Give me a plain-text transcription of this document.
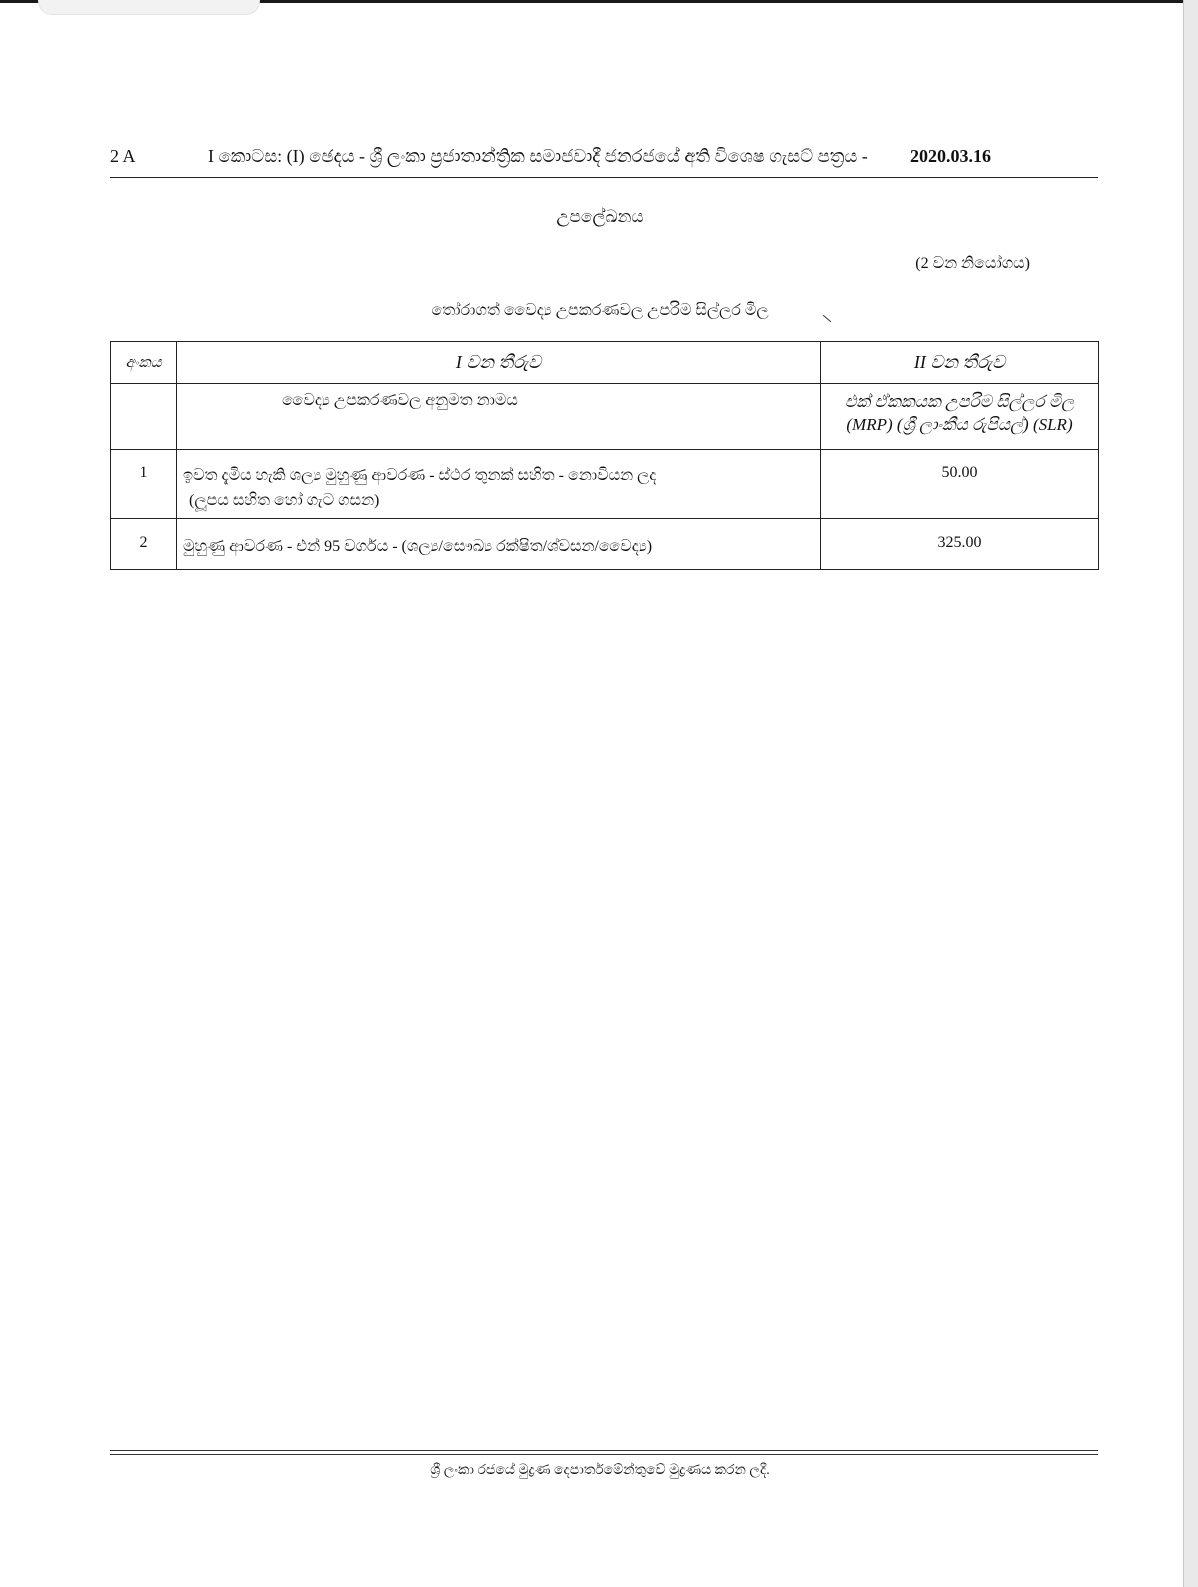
2 A	I කොටස: (I) ඡෙදය - ශ්‍රී ලංකා ප්‍රජාතාන්ත්‍රික සමාජවාදී ජනරජයේ අති විශෙෂ ගැසට් පත්‍රය - 2020.03.16
උපලේඛනය
(2 වන නියෝගය)
තෝරාගත් වෛද්‍ය උපකරණවල උපරිම සිල්ලර මිල
අංකය	I වන තීරුව	II වන තීරුව

	වෛද්‍ය උපකරණවල අනුමත නාමය	එක් ඒකකයක උපරිම සිල්ලර මිල
(MRP) (ශ්‍රී ලාංකීය රුපියල්) (SLR)

1	ඉවත දැමිය හැකි ශල්‍ය මුහුණු ආවරණ - ස්ථර තුනක් සහිත - නොවියන ලද
(ලූපය සහිත හෝ ගැට ගසන)	50.00

2	මුහුණු ආවරණ - එන් 95 වර්ගය - (ශල්‍ය/සෞඛ්‍ය රක්ෂිත/ශ්වසන/වෛද්‍ය)	325.00
ශ්‍රී ලංකා රජයේ මුද්‍රණ දෙපාර්තමේන්තුවේ මුද්‍රණය කරන ලදී.
